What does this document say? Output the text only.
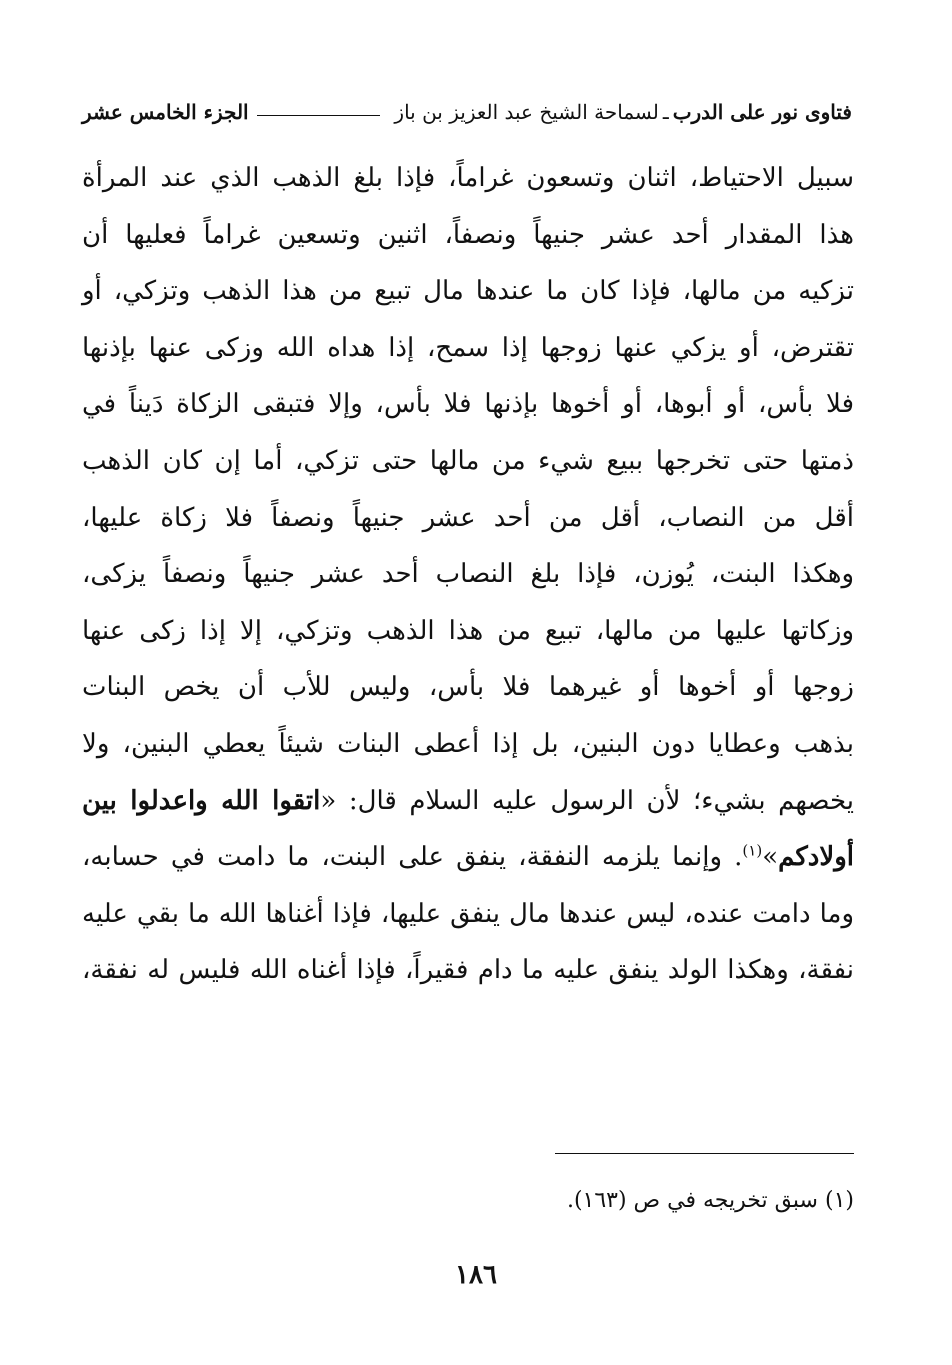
فتاوى نور على الدرب
ـ
لسماحة الشيخ عبد العزيز بن باز
الجزء الخامس عشر
سبيل الاحتياط، اثنان وتسعون غراماً، فإذا بلغ الذهب الذي عند المرأة
هذا المقدار أحد عشر جنيهاً ونصفاً، اثنين وتسعين غراماً فعليها أن
تزكيه من مالها، فإذا كان ما عندها مال تبيع من هذا الذهب وتزكي، أو
تقترض، أو يزكي عنها زوجها إذا سمح، إذا هداه الله وزكى عنها بإذنها
فلا بأس، أو أبوها، أو أخوها بإذنها فلا بأس، وإلا فتبقى الزكاة دَيناً في
ذمتها حتى تخرجها ببيع شيء من مالها حتى تزكي، أما إن كان الذهب
أقل من النصاب، أقل من أحد عشر جنيهاً ونصفاً فلا زكاة عليها،
وهكذا البنت، يُوزن، فإذا بلغ النصاب أحد عشر جنيهاً ونصفاً يزكى،
وزكاتها عليها من مالها، تبيع من هذا الذهب وتزكي، إلا إذا زكى عنها
زوجها أو أخوها أو غيرهما فلا بأس، وليس للأب أن يخص البنات
بذهب وعطايا دون البنين، بل إذا أعطى البنات شيئاً يعطي البنين، ولا
يخصهم بشيء؛ لأن الرسول عليه السلام قال: «اتقوا الله واعدلوا بين
أولادكم»$^{(١)}$. وإنما يلزمه النفقة، ينفق على البنت، ما دامت في حسابه،
وما دامت عنده، ليس عندها مال ينفق عليها، فإذا أغناها الله ما بقي عليه
نفقة، وهكذا الولد ينفق عليه ما دام فقيراً، فإذا أغناه الله فليس له نفقة،
(١) سبق تخريجه في ص (١٦٣).
١٨٦
